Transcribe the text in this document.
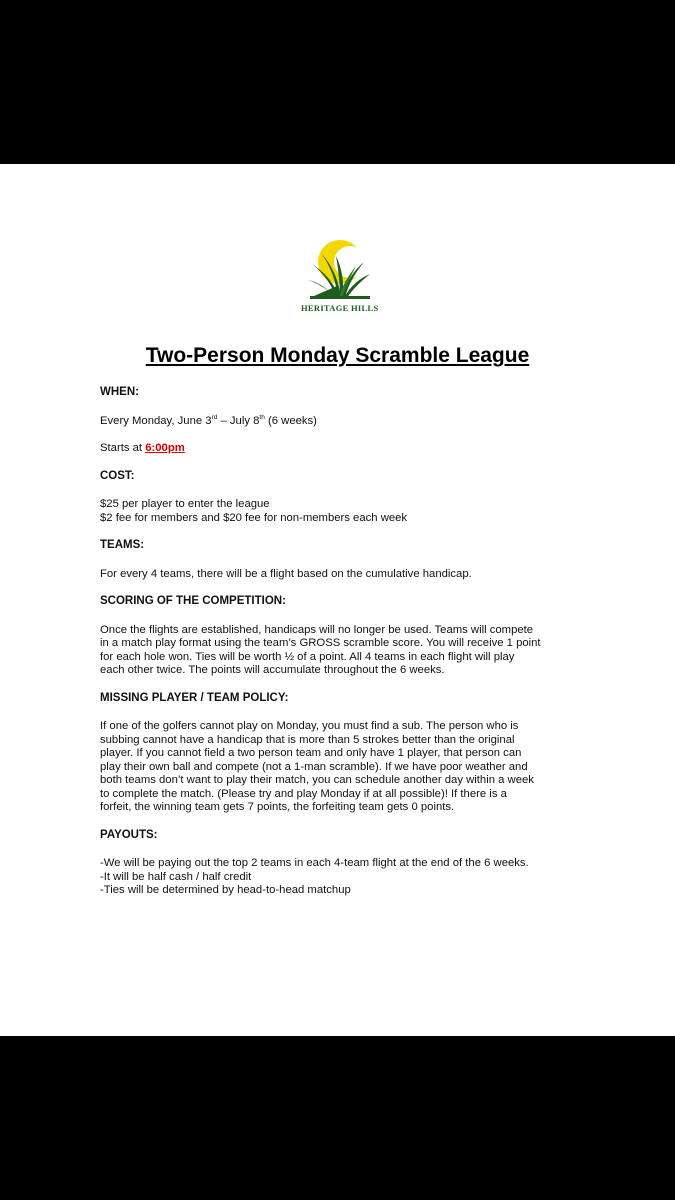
HERITAGE HILLS
Two-Person Monday Scramble League

WHEN:

Every Monday, June 3rd – July 8th (6 weeks)

Starts at 6:00pm

COST:

$25 per player to enter the league

$2 fee for members and $20 fee for non-members each week

TEAMS:

For every 4 teams, there will be a flight based on the cumulative handicap.

SCORING OF THE COMPETITION:

Once the flights are established, handicaps will no longer be used. Teams will compete

in a match play format using the team’s GROSS scramble score. You will receive 1 point

for each hole won. Ties will be worth ½ of a point. All 4 teams in each flight will play

each other twice. The points will accumulate throughout the 6 weeks.

MISSING PLAYER / TEAM POLICY:

If one of the golfers cannot play on Monday, you must find a sub. The person who is

subbing cannot have a handicap that is more than 5 strokes better than the original

player. If you cannot field a two person team and only have 1 player, that person can

play their own ball and compete (not a 1-man scramble). If we have poor weather and

both teams don’t want to play their match, you can schedule another day within a week

to complete the match. (Please try and play Monday if at all possible)! If there is a

forfeit, the winning team gets 7 points, the forfeiting team gets 0 points.

PAYOUTS:

-We will be paying out the top 2 teams in each 4-team flight at the end of the 6 weeks.

-It will be half cash / half credit

-Ties will be determined by head-to-head matchup
